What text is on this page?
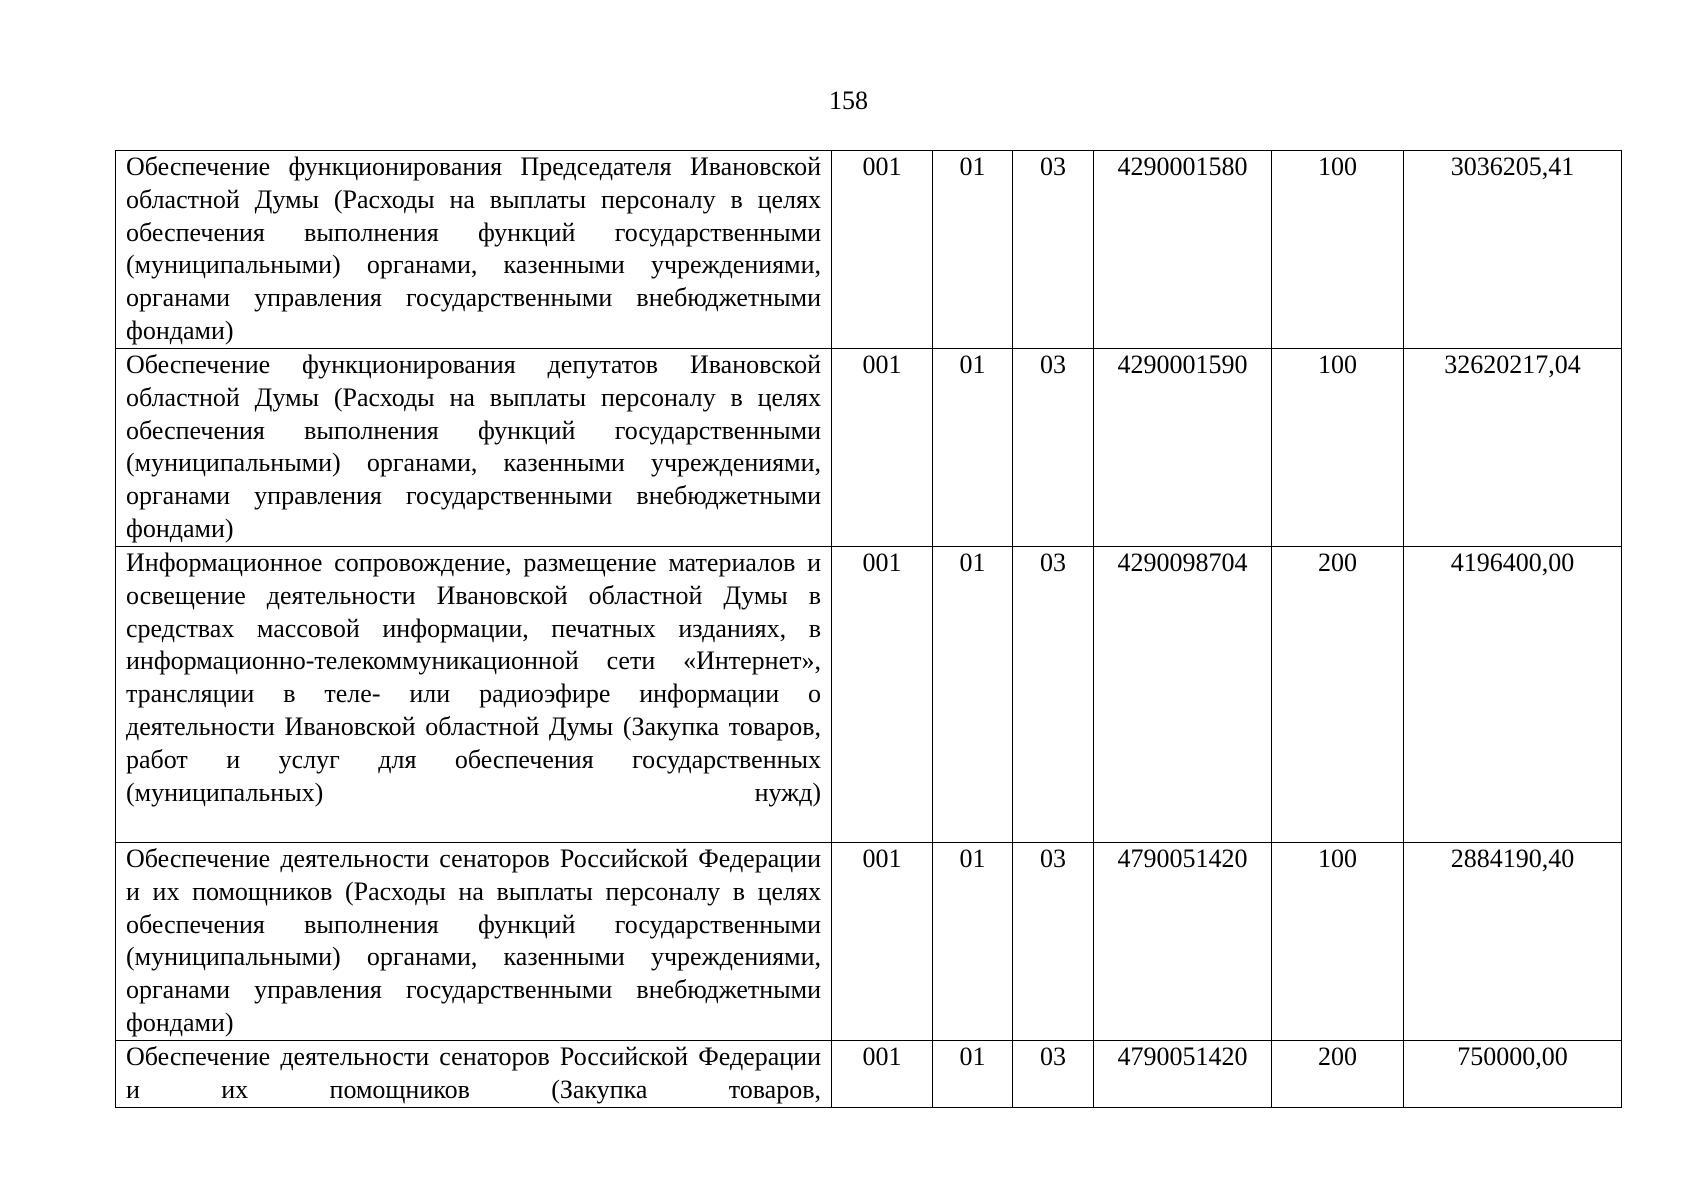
158
Обеспечение функционирования Председателя Ивановской областной Думы (Расходы на выплаты персоналу в целях обеспечения выполнения функций государственными (муниципальными) органами, казенными учреждениями, органами управления государственными внебюджетными фондами)	001	01	03	4290001580	100	3036205,41
Обеспечение функционирования депутатов Ивановской областной Думы (Расходы на выплаты персоналу в целях обеспечения выполнения функций государственными (муниципальными) органами, казенными учреждениями, органами управления государственными внебюджетными фондами)	001	01	03	4290001590	100	32620217,04
Информационное сопровождение, размещение материалов и освещение деятельности Ивановской областной Думы в средствах массовой информации, печатных изданиях, в информационно-телекоммуникационной сети «Интернет», трансляции в теле- или радиоэфире информации о деятельности Ивановской областной Думы (Закупка товаров, работ и услуг для обеспечения государственных (муниципальных) нужд)	001	01	03	4290098704	200	4196400,00
Обеспечение деятельности сенаторов Российской Федерации и их помощников (Расходы на выплаты персоналу в целях обеспечения выполнения функций государственными (муниципальными) органами, казенными учреждениями, органами управления государственными внебюджетными фондами)	001	01	03	4790051420	100	2884190,40
Обеспечение деятельности сенаторов Российской Федерации и их помощников (Закупка товаров,	001	01	03	4790051420	200	750000,00
